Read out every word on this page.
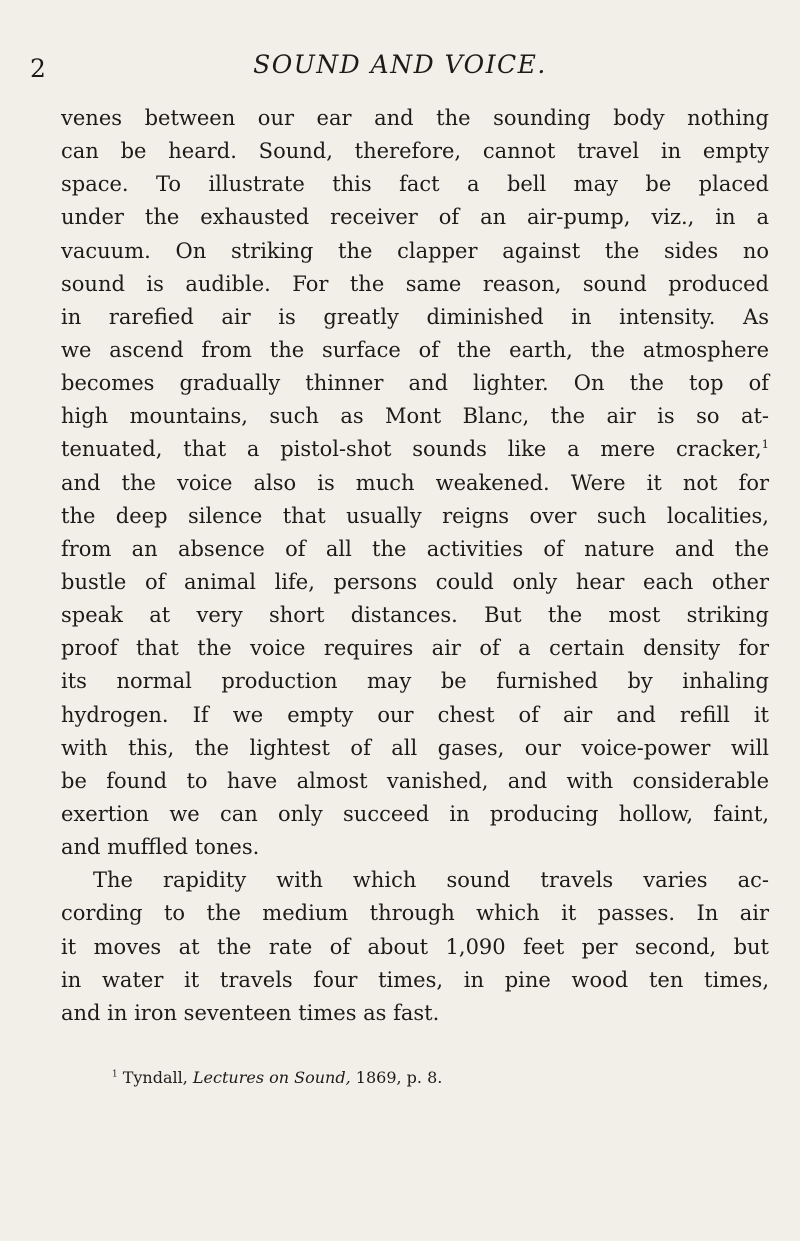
2	SOUND AND VOICE.
venes between our ear and the sounding body nothing
can be heard. Sound, therefore, cannot travel in empty
space. To illustrate this fact a bell may be placed
under the exhausted receiver of an air-pump, viz., in a
vacuum. On striking the clapper against the sides no
sound is audible. For the same reason, sound produced
in rarefied air is greatly diminished in intensity. As
we ascend from the surface of the earth, the atmosphere
becomes gradually thinner and lighter. On the top of
high mountains, such as Mont Blanc, the air is so at-
tenuated, that a pistol-shot sounds like a mere cracker,$^1$
and the voice also is much weakened. Were it not for
the deep silence that usually reigns over such localities,
from an absence of all the activities of nature and the
bustle of animal life, persons could only hear each other
speak at very short distances. But the most striking
proof that the voice requires air of a certain density for
its normal production may be furnished by inhaling
hydrogen. If we empty our chest of air and refill it
with this, the lightest of all gases, our voice-power will
be found to have almost vanished, and with considerable
exertion we can only succeed in producing hollow, faint,
and muffled tones.
The rapidity with which sound travels varies ac-
cording to the medium through which it passes. In air
it moves at the rate of about 1,090 feet per second, but
in water it travels four times, in pine wood ten times,
and in iron seventeen times as fast.
$^1$ Tyndall, Lectures on Sound, 1869, p. 8.
